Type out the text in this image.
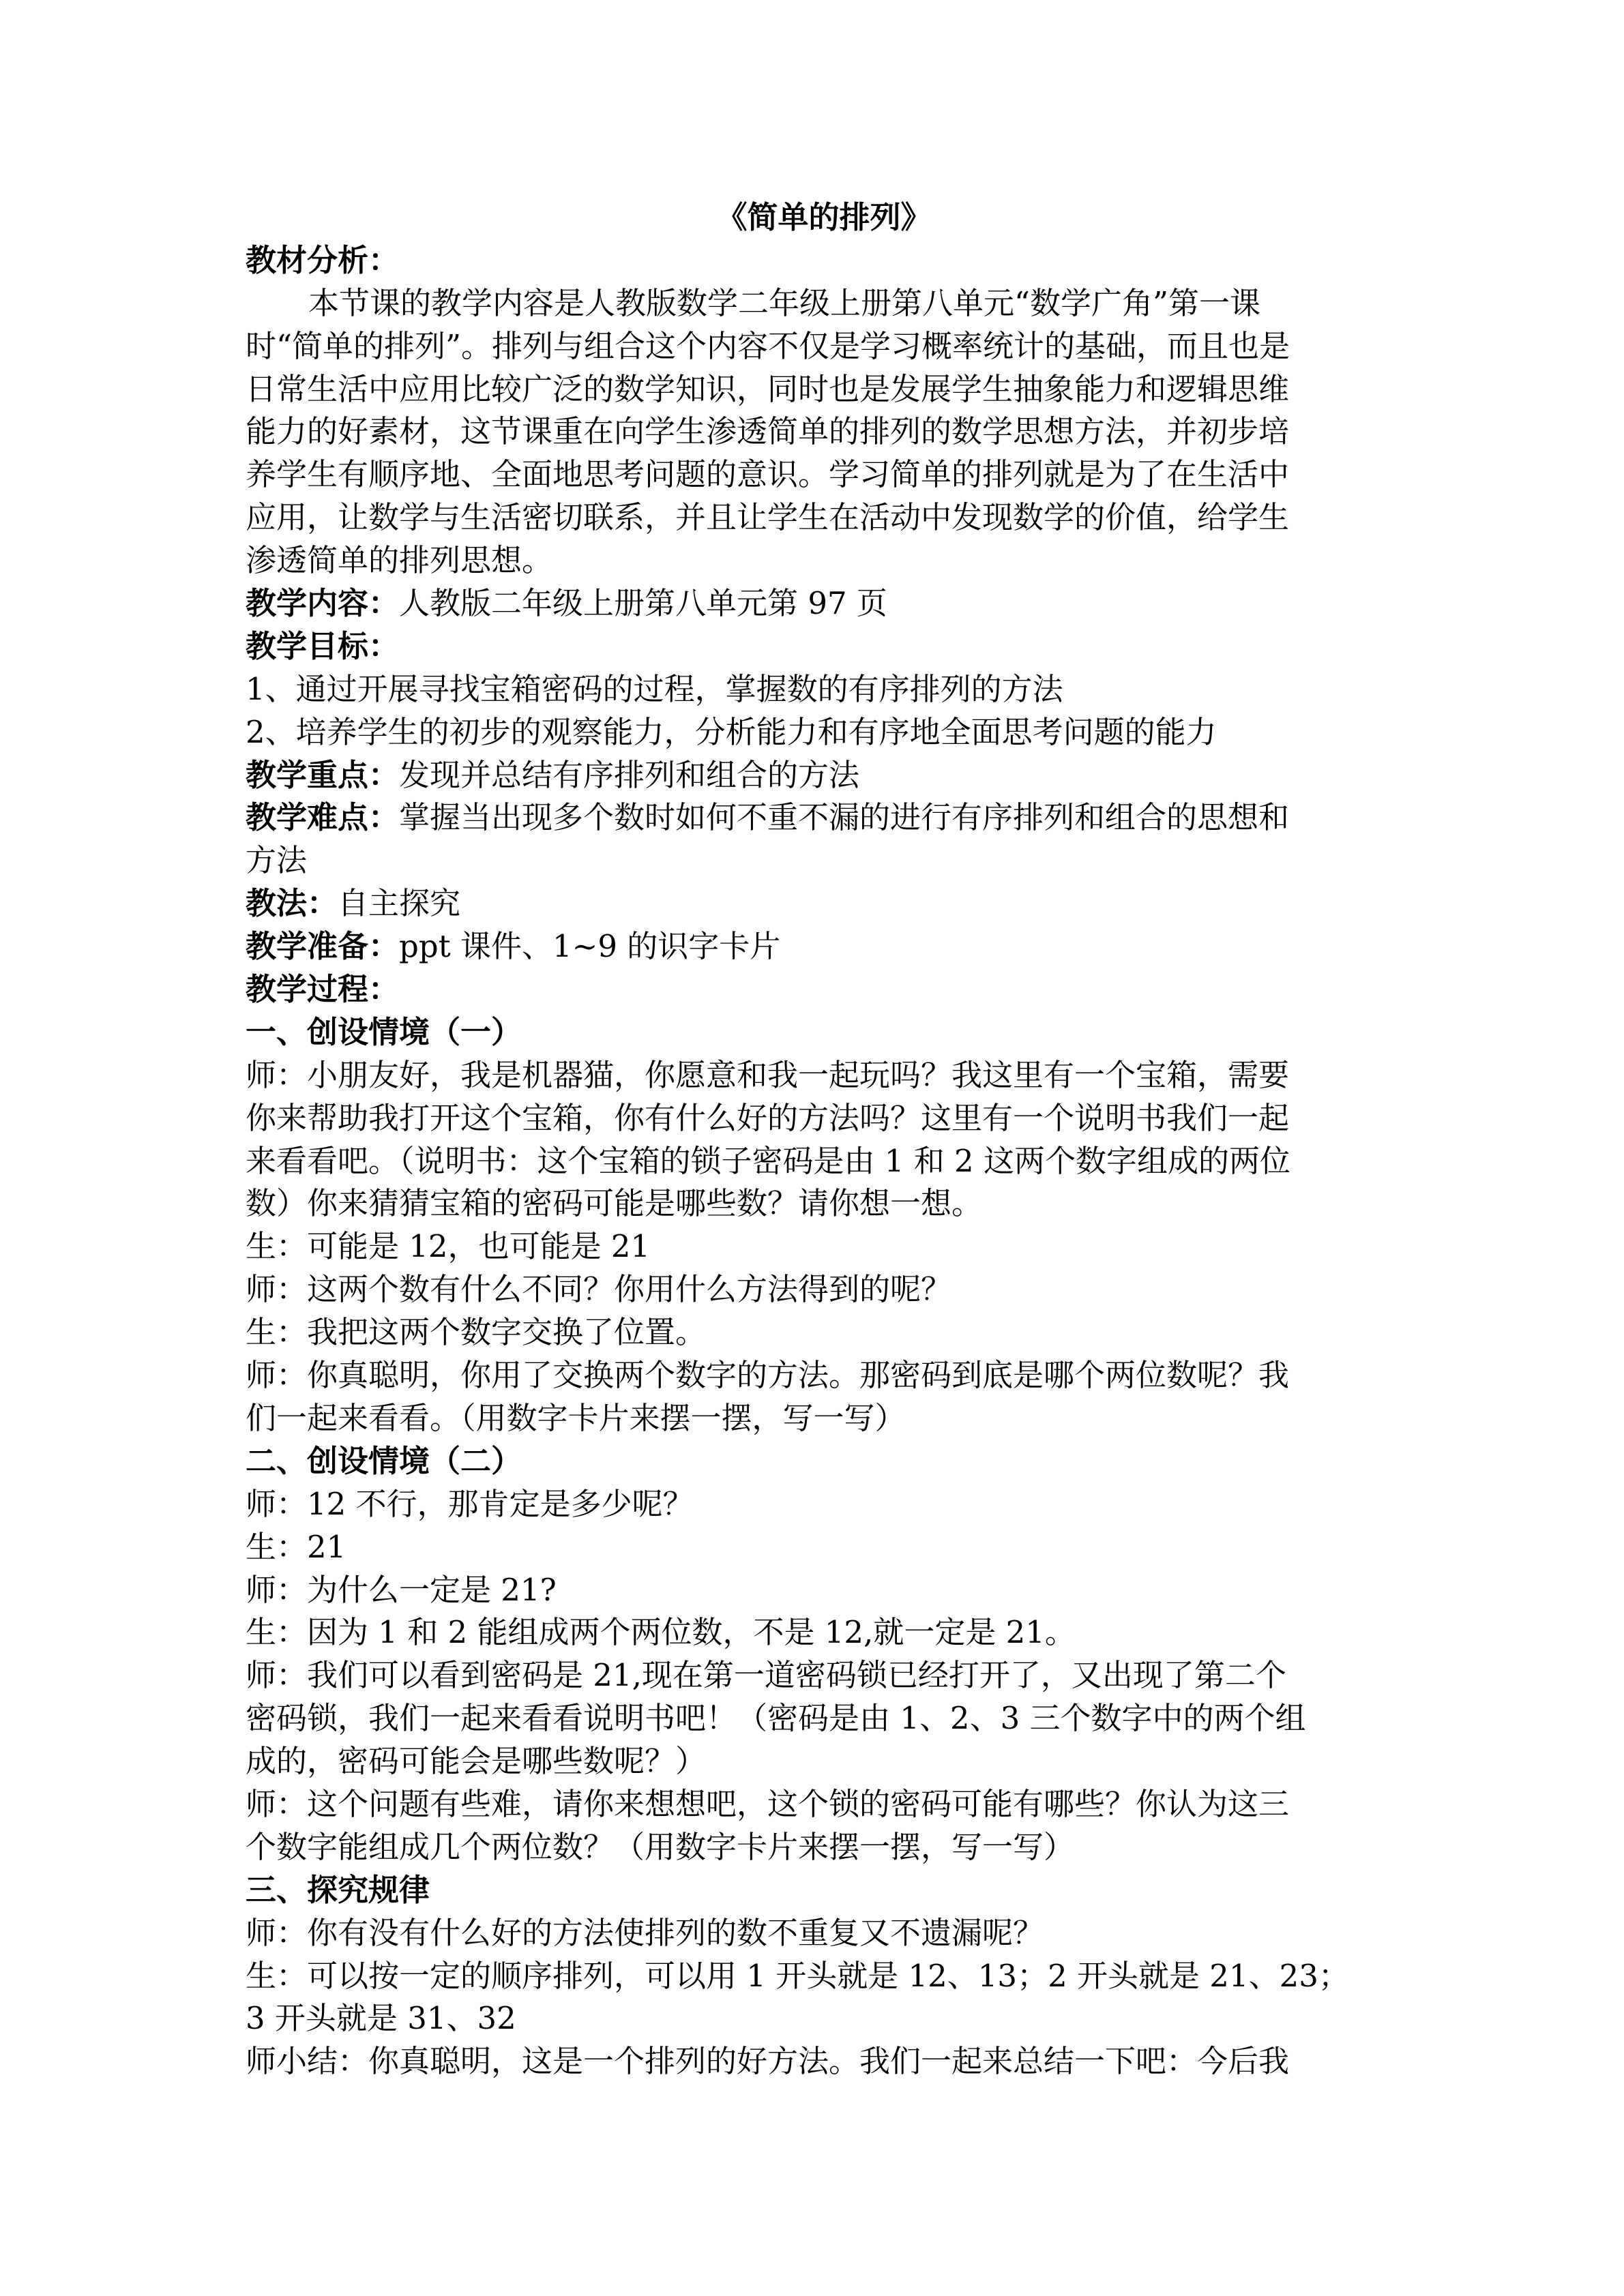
《简单的排列》
教材分析：
本节课的教学内容是人教版数学二年级上册第八单元“数学广角”第一课
时“简单的排列”。排列与组合这个内容不仅是学习概率统计的基础，而且也是
日常生活中应用比较广泛的数学知识，同时也是发展学生抽象能力和逻辑思维
能力的好素材，这节课重在向学生渗透简单的排列的数学思想方法，并初步培
养学生有顺序地、全面地思考问题的意识。学习简单的排列就是为了在生活中
应用，让数学与生活密切联系，并且让学生在活动中发现数学的价值，给学生
渗透简单的排列思想。
教学内容：人教版二年级上册第八单元第 97 页
教学目标：
1、通过开展寻找宝箱密码的过程，掌握数的有序排列的方法
2、培养学生的初步的观察能力，分析能力和有序地全面思考问题的能力
教学重点：发现并总结有序排列和组合的方法
教学难点：掌握当出现多个数时如何不重不漏的进行有序排列和组合的思想和
方法
教法：自主探究
教学准备：ppt 课件、1~9 的识字卡片
教学过程：
一、创设情境（一）
师：小朋友好，我是机器猫，你愿意和我一起玩吗？我这里有一个宝箱，需要
你来帮助我打开这个宝箱，你有什么好的方法吗？这里有一个说明书我们一起
来看看吧。（说明书：这个宝箱的锁子密码是由 1 和 2 这两个数字组成的两位
数）你来猜猜宝箱的密码可能是哪些数？请你想一想。
生：可能是 12，也可能是 21
师：这两个数有什么不同？你用什么方法得到的呢？
生：我把这两个数字交换了位置。
师：你真聪明，你用了交换两个数字的方法。那密码到底是哪个两位数呢？我
们一起来看看。（用数字卡片来摆一摆，写一写）
二、创设情境（二）
师：12 不行，那肯定是多少呢？
生：21
师：为什么一定是 21?
生：因为 1 和 2 能组成两个两位数，不是 12,就一定是 21。
师：我们可以看到密码是 21,现在第一道密码锁已经打开了，又出现了第二个
密码锁，我们一起来看看说明书吧！（密码是由 1、2、3 三个数字中的两个组
成的，密码可能会是哪些数呢？）
师：这个问题有些难，请你来想想吧，这个锁的密码可能有哪些？你认为这三
个数字能组成几个两位数？（用数字卡片来摆一摆，写一写）
三、探究规律
师：你有没有什么好的方法使排列的数不重复又不遗漏呢？
生：可以按一定的顺序排列，可以用 1 开头就是 12、13；2 开头就是 21、23；
3 开头就是 31、32
师小结：你真聪明，这是一个排列的好方法。我们一起来总结一下吧：今后我
